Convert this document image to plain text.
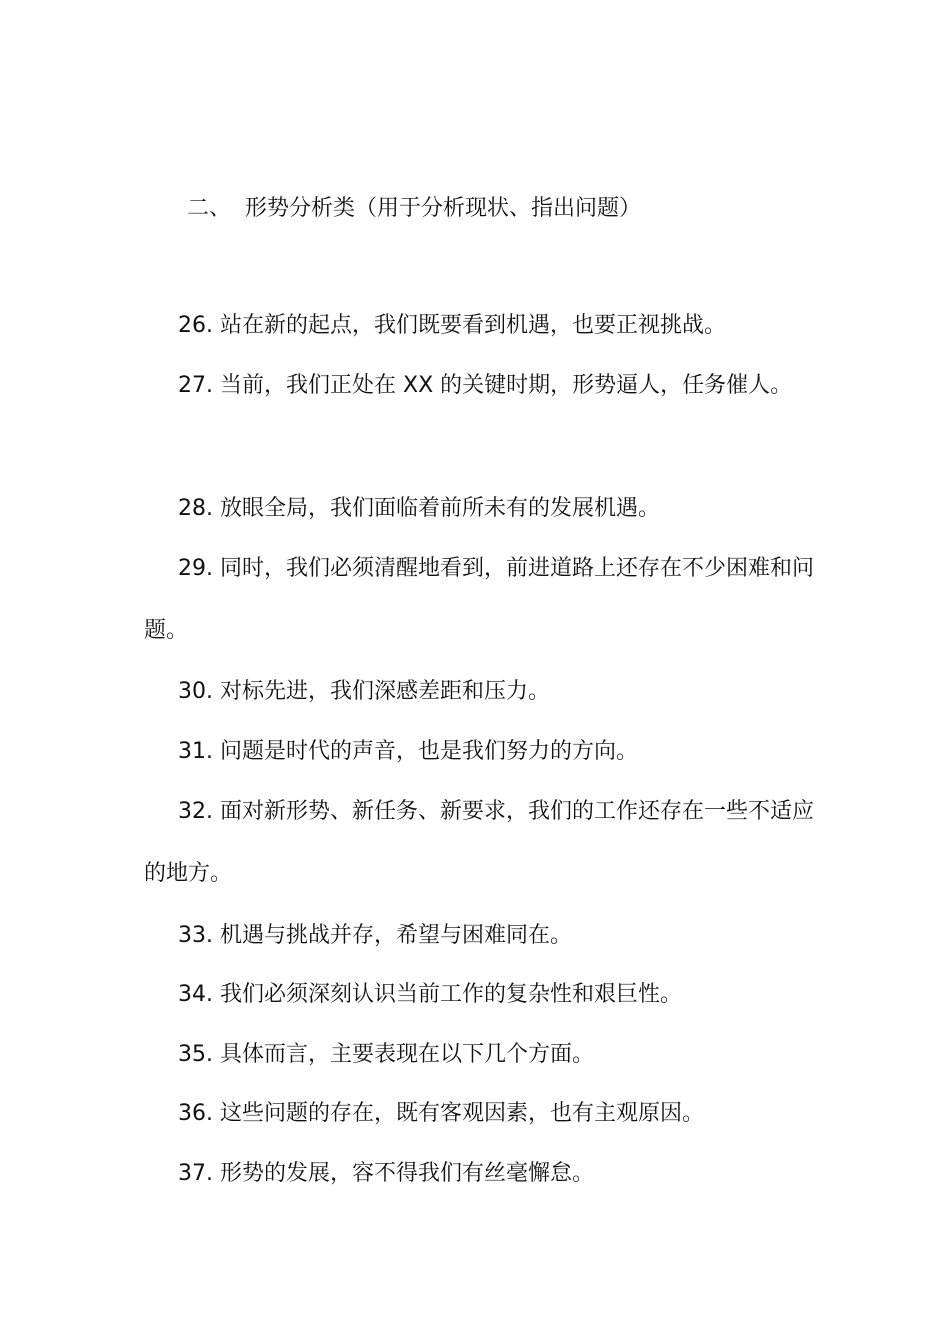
二、 形势分析类（用于分析现状、指出问题）

26. 站在新的起点，我们既要看到机遇，也要正视挑战。

27. 当前，我们正处在 XX 的关键时期，形势逼人，任务催人。

28. 放眼全局，我们面临着前所未有的发展机遇。

29. 同时，我们必须清醒地看到，前进道路上还存在不少困难和问题。

30. 对标先进，我们深感差距和压力。

31. 问题是时代的声音，也是我们努力的方向。

32. 面对新形势、新任务、新要求，我们的工作还存在一些不适应的地方。

33. 机遇与挑战并存，希望与困难同在。

34. 我们必须深刻认识当前工作的复杂性和艰巨性。

35. 具体而言，主要表现在以下几个方面。

36. 这些问题的存在，既有客观因素，也有主观原因。

37. 形势的发展，容不得我们有丝毫懈怠。
